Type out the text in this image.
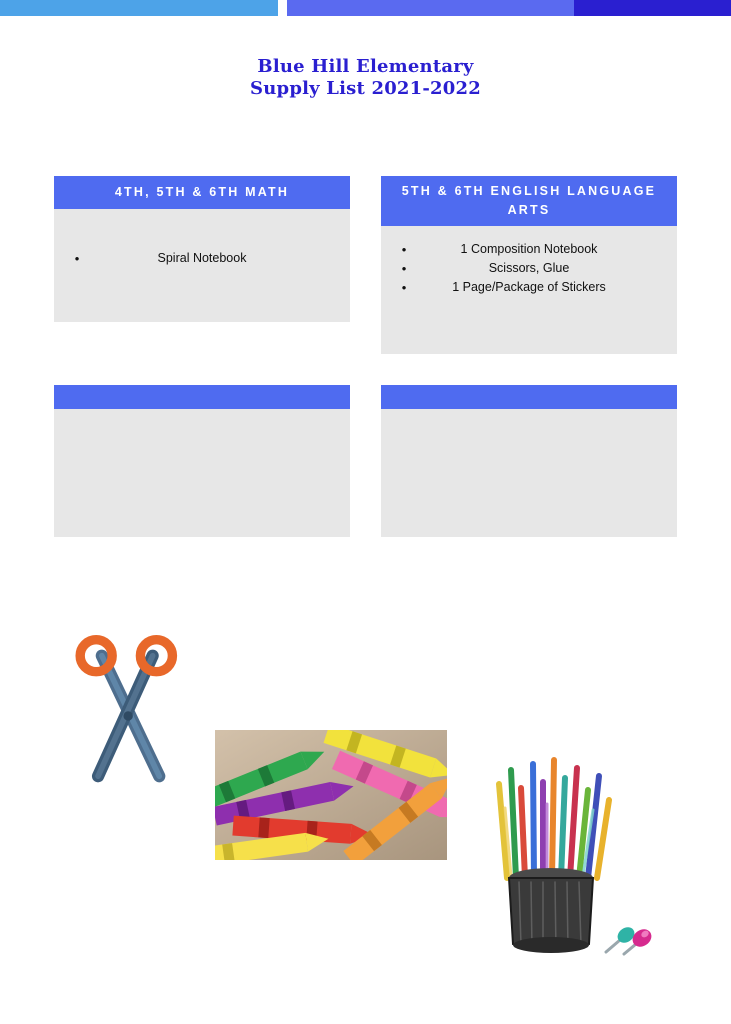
Blue Hill Elementary
Supply List 2021-2022
4TH, 5TH & 6TH MATH
•	Spiral Notebook
5TH & 6TH ENGLISH LANGUAGE ARTS
•	1 Composition Notebook
•	Scissors, Glue
•	1 Page/Package of Stickers
